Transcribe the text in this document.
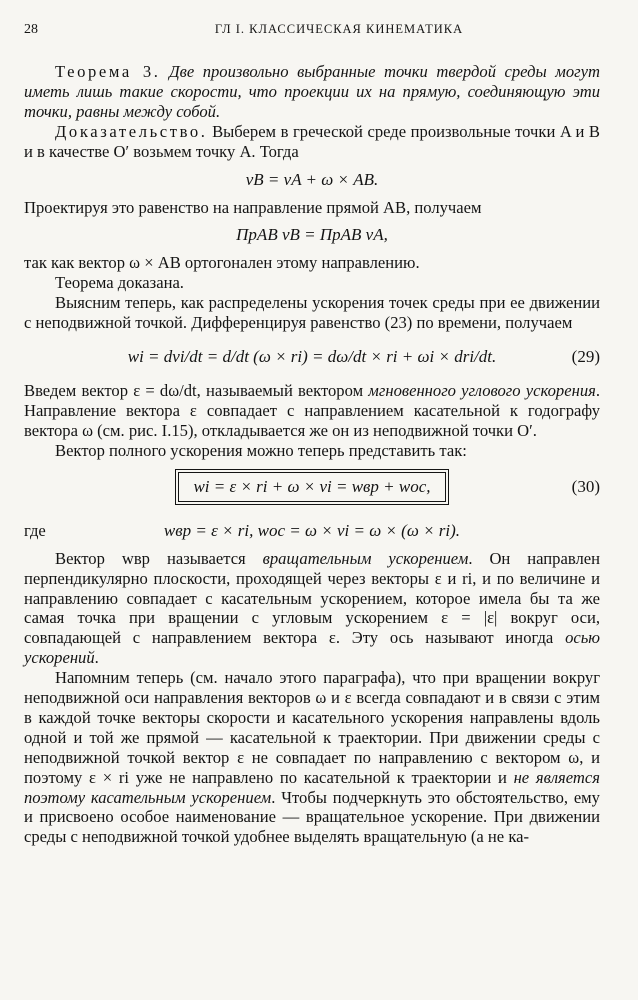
28	ГЛ І. КЛАССИЧЕСКАЯ КИНЕМАТИКА

Теорема 3. Две произвольно выбранные точки твердой среды могут иметь лишь такие скорости, что проекции их на прямую, соединяющую эти точки, равны между собой.

Доказательство. Выберем в греческой среде произвольные точки A и B и в качестве O′ возьмем точку A. Тогда

vB = vA + ω × AB.

Проектируя это равенство на направление прямой AB, получаем

ПрAB vB = ПрAB vA,

так как вектор ω × AB ортогонален этому направлению.

Теорема доказана.

Выясним теперь, как распределены ускорения точек среды при ее движении с неподвижной точкой. Дифференцируя равенство (23) по времени, получаем

wi = dvi/dt = d/dt (ω × ri) = dω/dt × ri + ωi × dri/dt.	(29)

Введем вектор ε = dω/dt, называемый вектором мгновенного углового ускорения. Направление вектора ε совпадает с направлением касательной к годографу вектора ω (см. рис. I.15), откладывается же он из неподвижной точки O′.

Вектор полного ускорения можно теперь представить так:

wi = ε × ri + ω × vi = wвр + wос,	(30)
где	wвр = ε × ri, wос = ω × vi = ω × (ω × ri).

Вектор wвр называется вращательным ускорением. Он направлен перпендикулярно плоскости, проходящей через векторы ε и ri, и по величине и направлению совпадает с касательным ускорением, которое имела бы та же самая точка при вращении с угловым ускорением ε = |ε| вокруг оси, совпадающей с направлением вектора ε. Эту ось называют иногда осью ускорений.

Напомним теперь (см. начало этого параграфа), что при вращении вокруг неподвижной оси направления векторов ω и ε всегда совпадают и в связи с этим в каждой точке векторы скорости и касательного ускорения направлены вдоль одной и той же прямой — касательной к траектории. При движении среды с неподвижной точкой вектор ε не совпадает по направлению с вектором ω, и поэтому ε × ri уже не направлено по касательной к траектории и не является поэтому касательным ускорением. Чтобы подчеркнуть это обстоятельство, ему и присвоено особое наименование — вращательное ускорение. При движении среды с неподвижной точкой удобнее выделять вращательную (а не ка-
